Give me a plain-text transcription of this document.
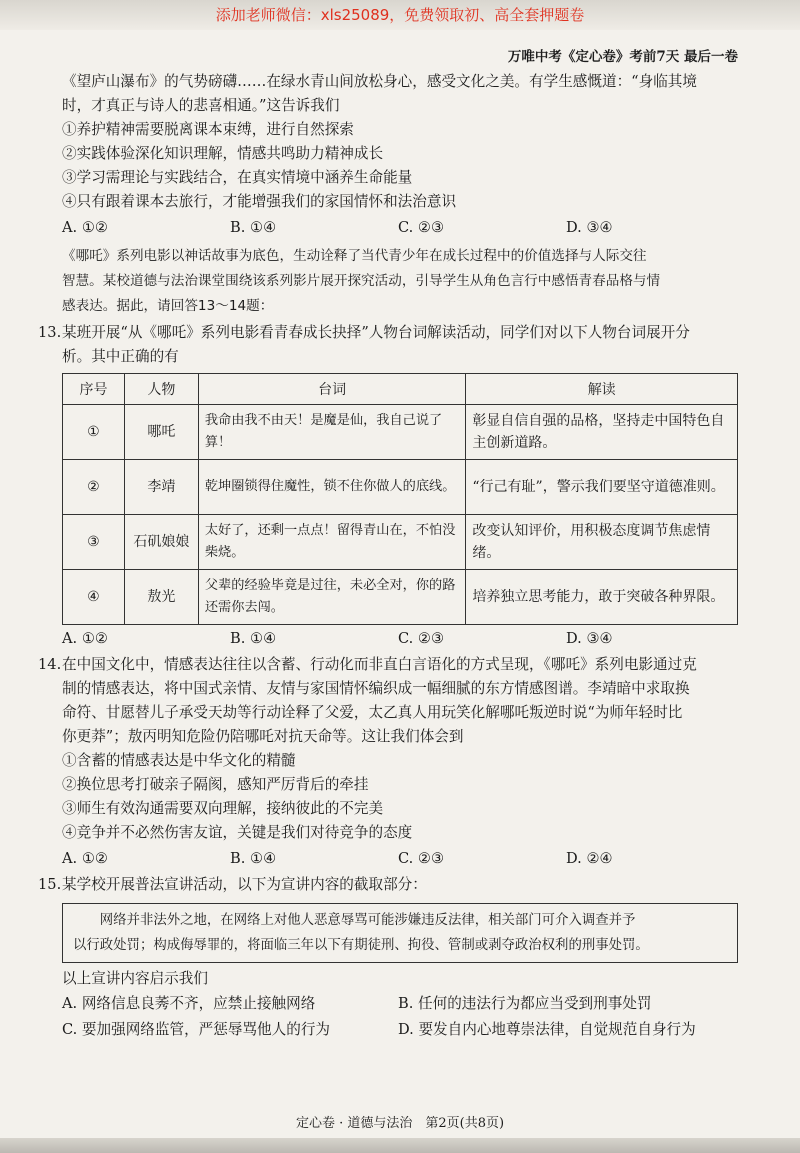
添加老师微信：xls25089，免费领取初、高全套押题卷
万唯中考《定心卷》考前7天 最后一卷
《望庐山瀑布》的气势磅礴……在绿水青山间放松身心，感受文化之美。有学生感慨道：“身临其境
时，才真正与诗人的悲喜相通。”这告诉我们
①养护精神需要脱离课本束缚，进行自然探索
②实践体验深化知识理解，情感共鸣助力精神成长
③学习需理论与实践结合，在真实情境中涵养生命能量
④只有跟着课本去旅行，才能增强我们的家国情怀和法治意识
A. ①②	B. ①④	C. ②③	D. ③④
《哪吒》系列电影以神话故事为底色，生动诠释了当代青少年在成长过程中的价值选择与人际交往
智慧。某校道德与法治课堂围绕该系列影片展开探究活动，引导学生从角色言行中感悟青春品格与情
感表达。据此，请回答13～14题：
13.某班开展“从《哪吒》系列电影看青春成长抉择”人物台词解读活动，同学们对以下人物台词展开分
析。其中正确的有
序号	人物	台词	解读
①	哪吒	我命由我不由天！是魔是仙，我自己说了算！	彰显自信自强的品格，坚持走中国特色自主创新道路。
②	李靖	乾坤圈锁得住魔性，锁不住你做人的底线。	“行己有耻”，警示我们要坚守道德准则。
③	石矶娘娘	太好了，还剩一点点！留得青山在，不怕没柴烧。	改变认知评价，用积极态度调节焦虑情绪。
④	敖光	父辈的经验毕竟是过往，未必全对，你的路还需你去闯。	培养独立思考能力，敢于突破各种界限。
A. ①②	B. ①④	C. ②③	D. ③④
14.在中国文化中，情感表达往往以含蓄、行动化而非直白言语化的方式呈现，《哪吒》系列电影通过克
制的情感表达，将中国式亲情、友情与家国情怀编织成一幅细腻的东方情感图谱。李靖暗中求取换
命符、甘愿替儿子承受天劫等行动诠释了父爱，太乙真人用玩笑化解哪吒叛逆时说“为师年轻时比
你更莽”；敖丙明知危险仍陪哪吒对抗天命等。这让我们体会到
①含蓄的情感表达是中华文化的精髓
②换位思考打破亲子隔阂，感知严厉背后的牵挂
③师生有效沟通需要双向理解，接纳彼此的不完美
④竞争并不必然伤害友谊，关键是我们对待竞争的态度
A. ①②	B. ①④	C. ②③	D. ②④
15.某学校开展普法宣讲活动，以下为宣讲内容的截取部分：
网络并非法外之地，在网络上对他人恶意辱骂可能涉嫌违反法律，相关部门可介入调查并予
以行政处罚；构成侮辱罪的，将面临三年以下有期徒刑、拘役、管制或剥夺政治权利的刑事处罚。
以上宣讲内容启示我们
A. 网络信息良莠不齐，应禁止接触网络	B. 任何的违法行为都应当受到刑事处罚
C. 要加强网络监管，严惩辱骂他人的行为	D. 要发自内心地尊崇法律，自觉规范自身行为
定心卷 · 道德与法治　第2页(共8页)
